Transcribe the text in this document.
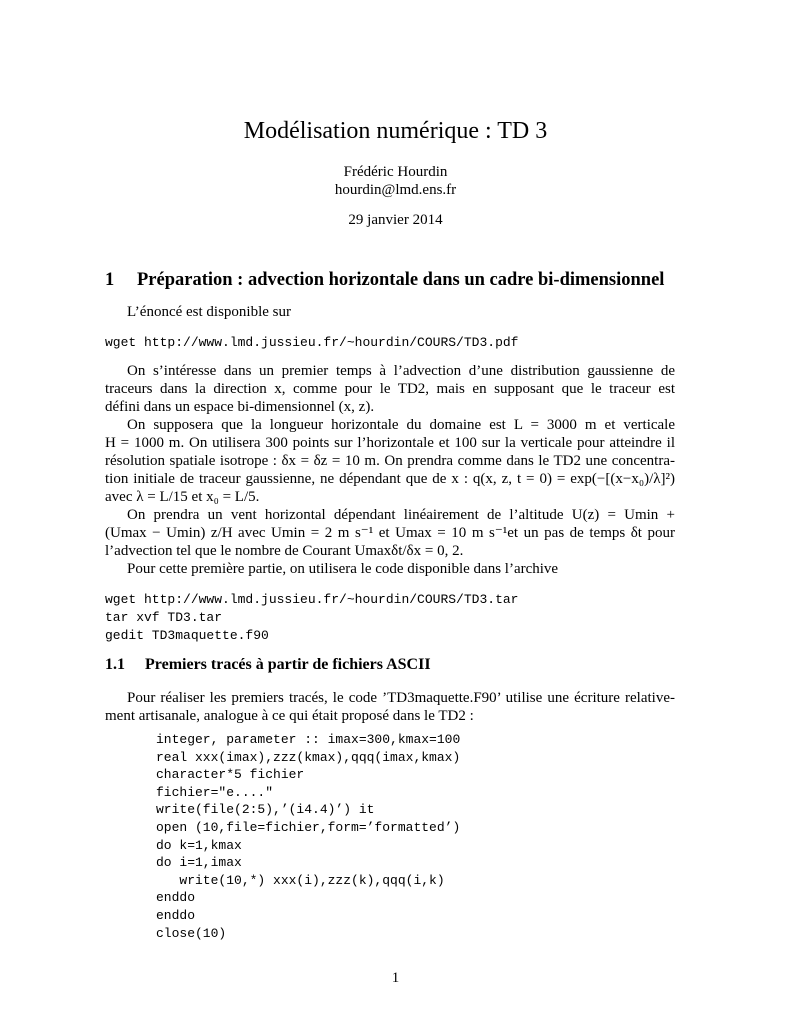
Modélisation numérique : TD 3
Frédéric Hourdin
hourdin@lmd.ens.fr
29 janvier 2014
1 Préparation : advection horizontale dans un cadre bi-dimensionnel
L’énoncé est disponible sur
wget http://www.lmd.jussieu.fr/~hourdin/COURS/TD3.pdf
On s’intéresse dans un premier temps à l’advection d’une distribution gaussienne de
traceurs dans la direction x, comme pour le TD2, mais en supposant que le traceur est
défini dans un espace bi-dimensionnel (x, z).
On supposera que la longueur horizontale du domaine est L = 3000 m et verticale
H = 1000 m. On utilisera 300 points sur l’horizontale et 100 sur la verticale pour atteindre il
résolution spatiale isotrope : δx = δz = 10 m. On prendra comme dans le TD2 une concentra-
tion initiale de traceur gaussienne, ne dépendant que de x : q(x, z, t = 0) = exp(−[(x−x₀)/λ]²)
avec λ = L/15 et x₀ = L/5.
On prendra un vent horizontal dépendant linéairement de l’altitude U(z) = Umin +
(Umax − Umin) z/H avec Umin = 2 m s⁻¹ et Umax = 10 m s⁻¹et un pas de temps δt pour
l’advection tel que le nombre de Courant Umaxδt/δx = 0, 2.
Pour cette première partie, on utilisera le code disponible dans l’archive
wget http://www.lmd.jussieu.fr/~hourdin/COURS/TD3.tar
tar xvf TD3.tar
gedit TD3maquette.f90
1.1 Premiers tracés à partir de fichiers ASCII
Pour réaliser les premiers tracés, le code ’TD3maquette.F90’ utilise une écriture relative-
ment artisanale, analogue à ce qui était proposé dans le TD2 :
integer, parameter :: imax=300,kmax=100
real xxx(imax),zzz(kmax),qqq(imax,kmax)
character*5 fichier
fichier="e...."
write(file(2:5),’(i4.4)’) it
open (10,file=fichier,form=’formatted’)
do k=1,kmax
do i=1,imax
write(10,*) xxx(i),zzz(k),qqq(i,k)
enddo
enddo
close(10)
1
